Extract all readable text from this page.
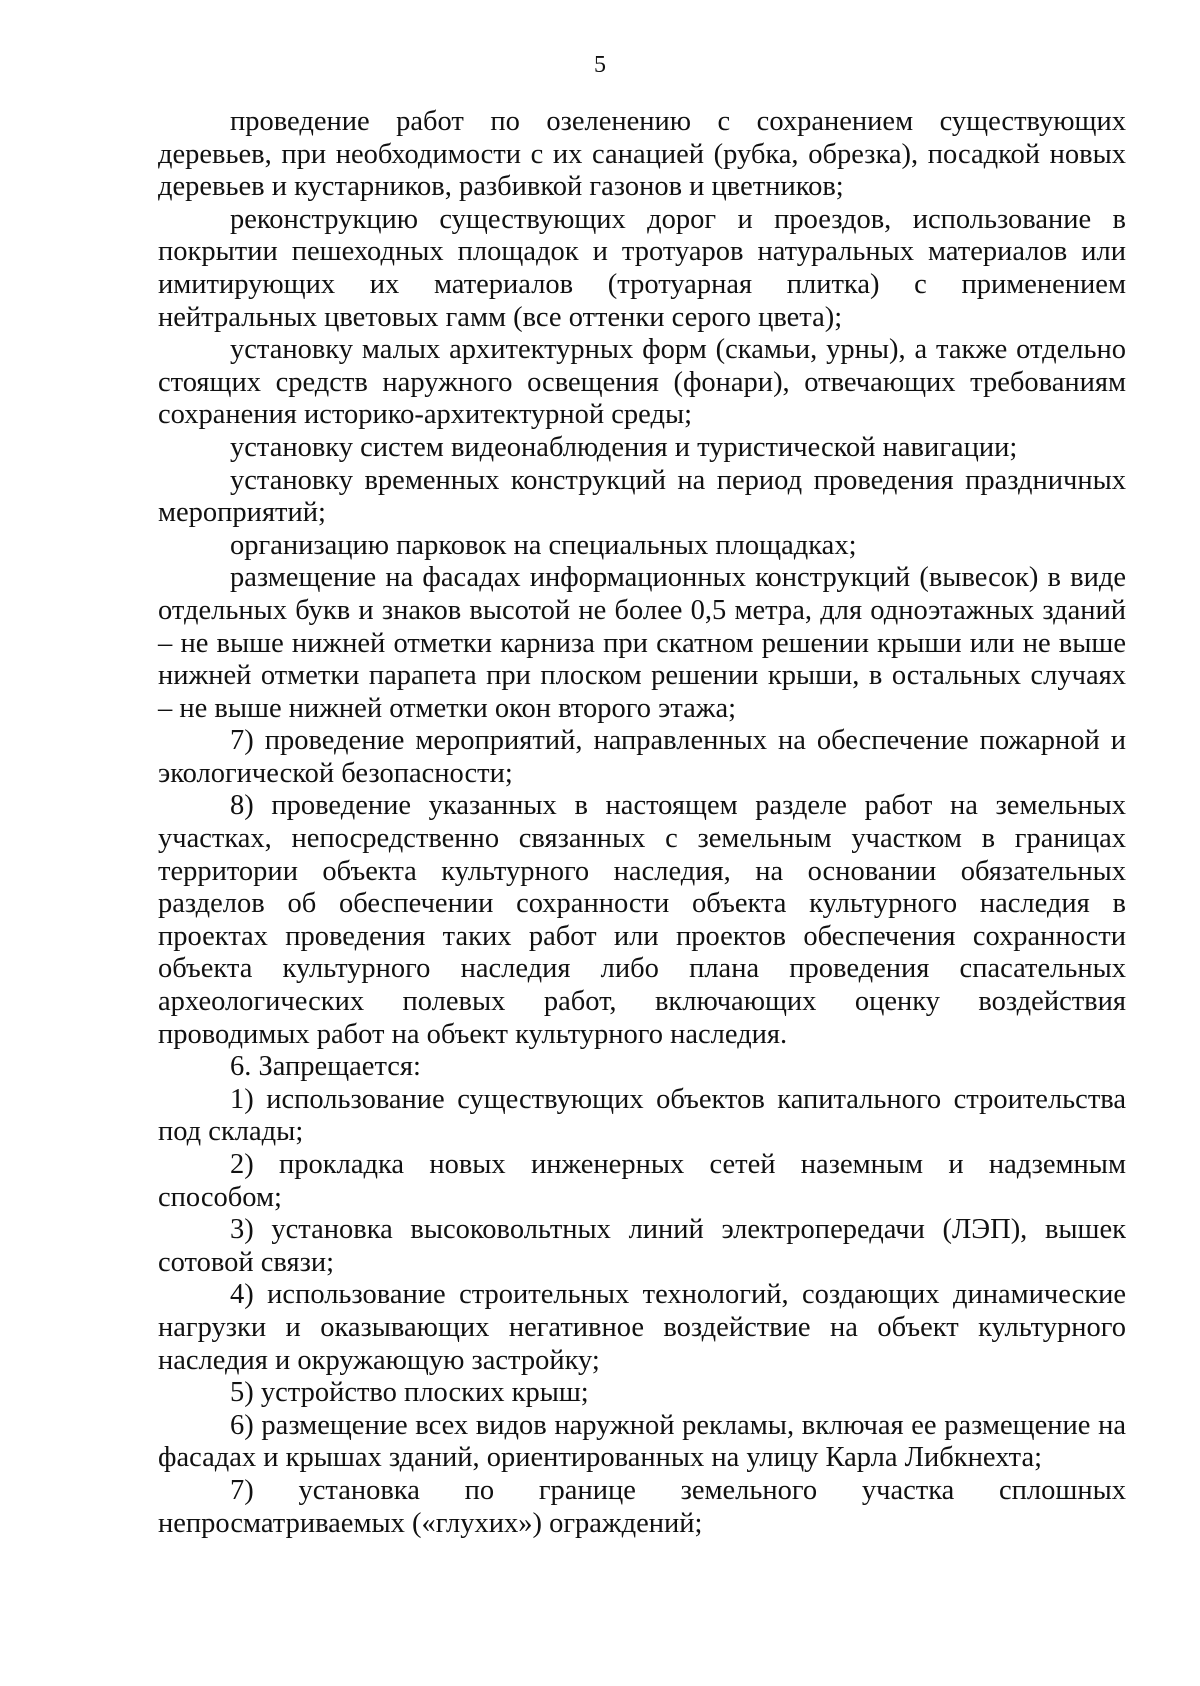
5

проведение работ по озеленению с сохранением существующих деревьев, при необходимости с их санацией (рубка, обрезка), посадкой новых деревьев и кустарников, разбивкой газонов и цветников;

реконструкцию существующих дорог и проездов, использование в покрытии пешеходных площадок и тротуаров натуральных материалов или имитирующих их материалов (тротуарная плитка) с применением нейтральных цветовых гамм (все оттенки серого цвета);

установку малых архитектурных форм (скамьи, урны), а также отдельно стоящих средств наружного освещения (фонари), отвечающих требованиям сохранения историко-архитектурной среды;

установку систем видеонаблюдения и туристической навигации;

установку временных конструкций на период проведения праздничных мероприятий;

организацию парковок на специальных площадках;

размещение на фасадах информационных конструкций (вывесок) в виде отдельных букв и знаков высотой не более 0,5 метра, для одноэтажных зданий – не выше нижней отметки карниза при скатном решении крыши или не выше нижней отметки парапета при плоском решении крыши, в остальных случаях – не выше нижней отметки окон второго этажа;

7) проведение мероприятий, направленных на обеспечение пожарной и экологической безопасности;

8) проведение указанных в настоящем разделе работ на земельных участках, непосредственно связанных с земельным участком в границах территории объекта культурного наследия, на основании обязательных разделов об обеспечении сохранности объекта культурного наследия в проектах проведения таких работ или проектов обеспечения сохранности объекта культурного наследия либо плана проведения спасательных археологических полевых работ, включающих оценку воздействия проводимых работ на объект культурного наследия.

6. Запрещается:

1) использование существующих объектов капитального строительства под склады;

2) прокладка новых инженерных сетей наземным и надземным способом;

3) установка высоковольтных линий электропередачи (ЛЭП), вышек сотовой связи;

4) использование строительных технологий, создающих динамические нагрузки и оказывающих негативное воздействие на объект культурного наследия и окружающую застройку;

5) устройство плоских крыш;

6) размещение всех видов наружной рекламы, включая ее размещение на фасадах и крышах зданий, ориентированных на улицу Карла Либкнехта;

7) установка по границе земельного участка сплошных непросматриваемых («глухих») ограждений;
